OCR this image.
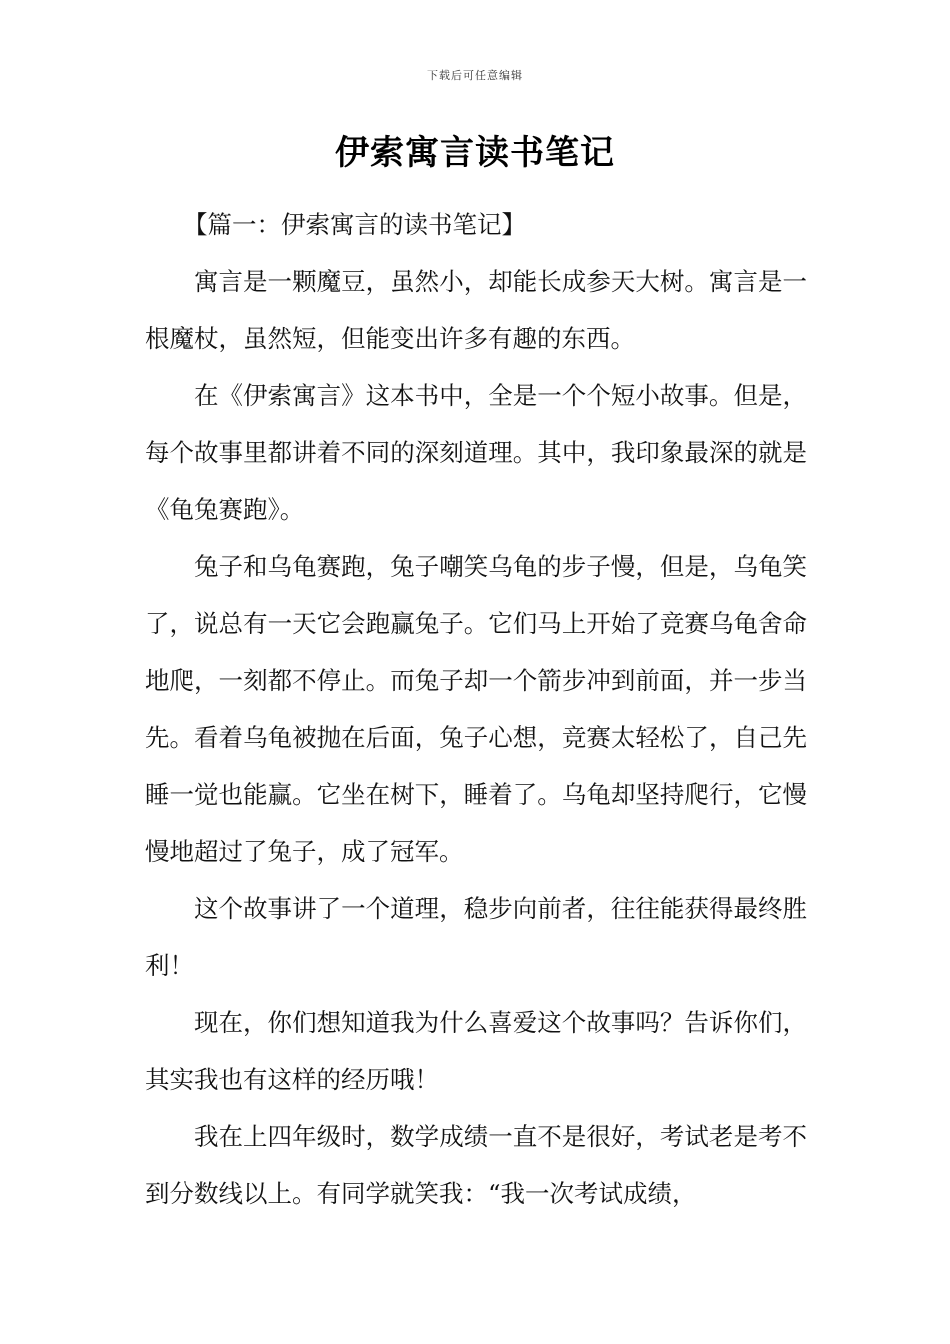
下载后可任意编辑
伊索寓言读书笔记

【篇一：伊索寓言的读书笔记】

寓言是一颗魔豆，虽然小，却能长成参天大树。寓言是一根魔杖，虽然短，但能变出许多有趣的东西。

在《伊索寓言》这本书中，全是一个个短小故事。但是，每个故事里都讲着不同的深刻道理。其中，我印象最深的就是《龟兔赛跑》。

兔子和乌龟赛跑，兔子嘲笑乌龟的步子慢，但是，乌龟笑了，说总有一天它会跑赢兔子。它们马上开始了竞赛乌龟舍命地爬，一刻都不停止。而兔子却一个箭步冲到前面，并一步当先。看着乌龟被抛在后面，兔子心想，竞赛太轻松了，自己先睡一觉也能赢。它坐在树下，睡着了。乌龟却坚持爬行，它慢慢地超过了兔子，成了冠军。

这个故事讲了一个道理，稳步向前者，往往能获得最终胜利！

现在，你们想知道我为什么喜爱这个故事吗？告诉你们，其实我也有这样的经历哦！

我在上四年级时，数学成绩一直不是很好，考试老是考不到分数线以上。有同学就笑我：“我一次考试成绩，
